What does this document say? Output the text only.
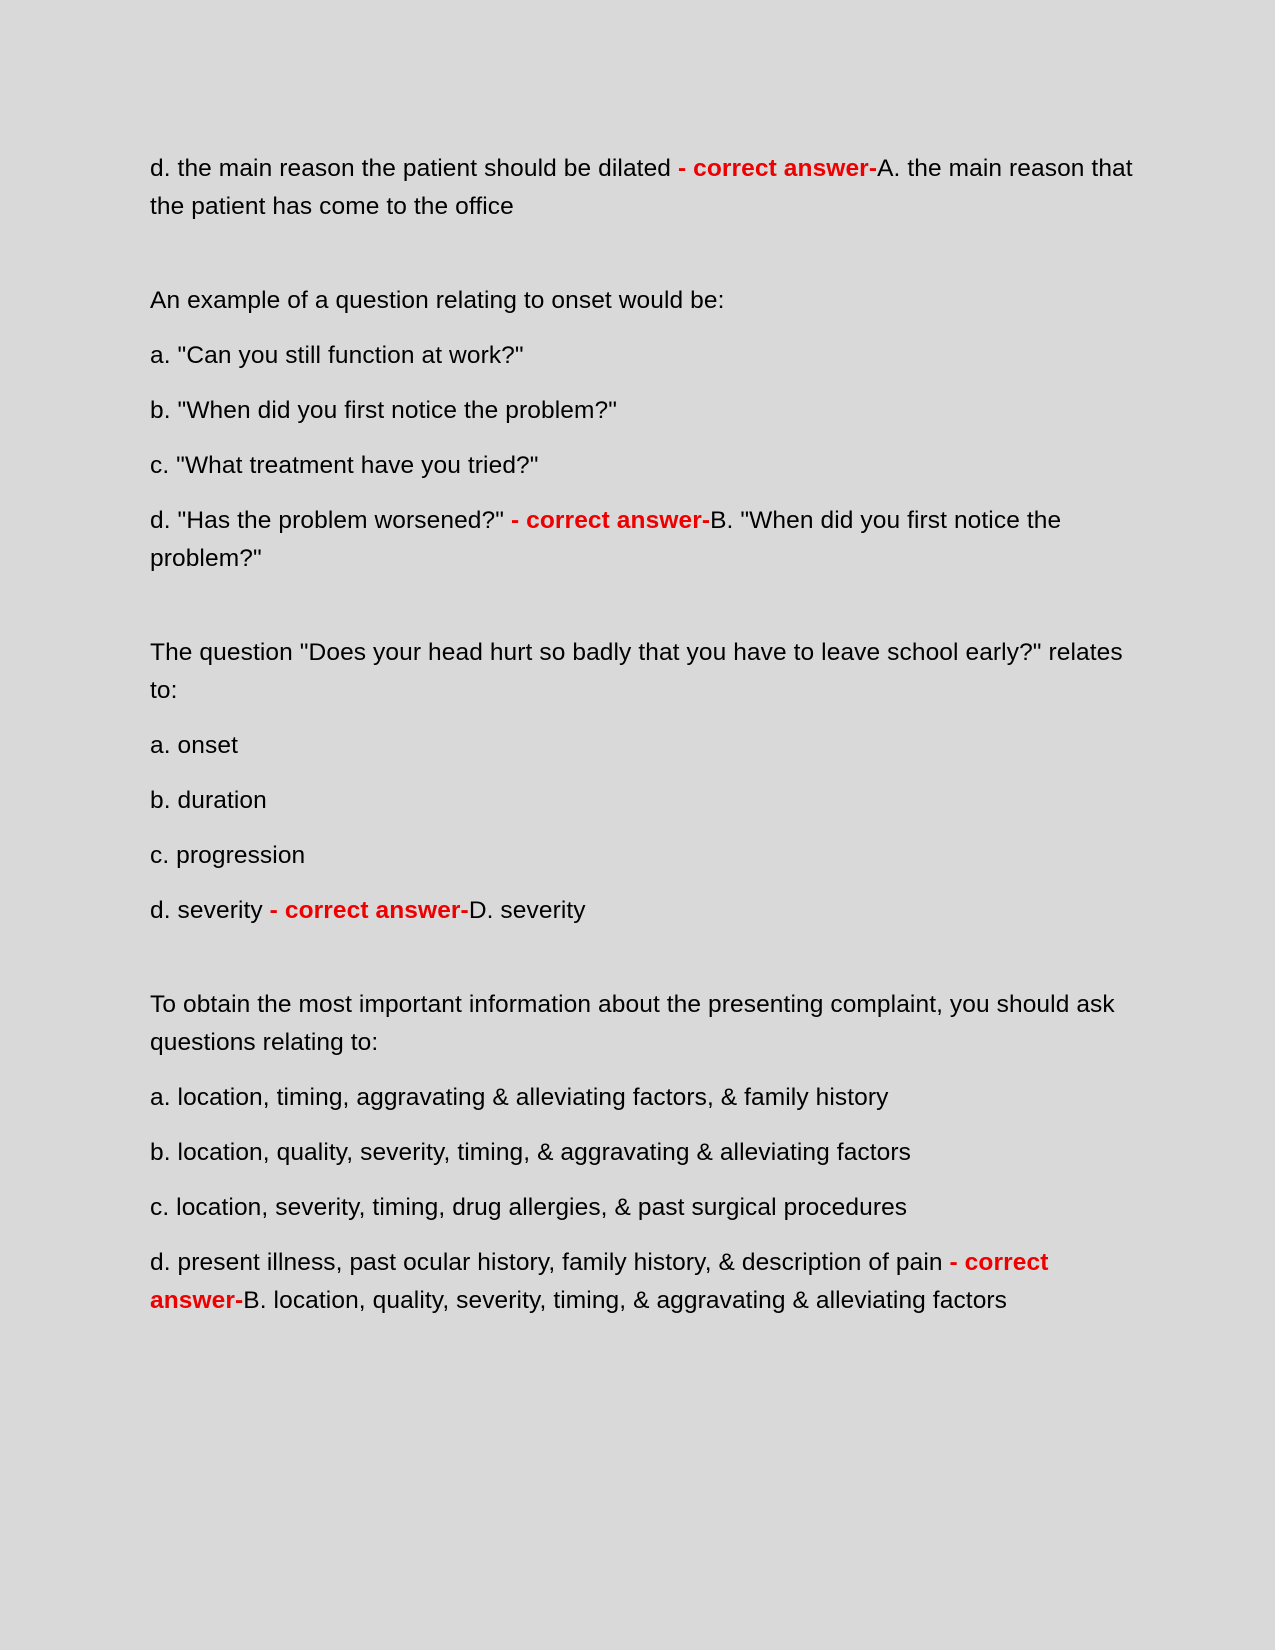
d. the main reason the patient should be dilated - correct answer-A. the main reason that the patient has come to the office

An example of a question relating to onset would be:

a. "Can you still function at work?"

b. "When did you first notice the problem?"

c. "What treatment have you tried?"

d. "Has the problem worsened?" - correct answer-B. "When did you first notice the problem?"

The question "Does your head hurt so badly that you have to leave school early?" relates to:

a. onset

b. duration

c. progression

d. severity - correct answer-D. severity

To obtain the most important information about the presenting complaint, you should ask questions relating to:

a. location, timing, aggravating & alleviating factors, & family history

b. location, quality, severity, timing, & aggravating & alleviating factors

c. location, severity, timing, drug allergies, & past surgical procedures

d. present illness, past ocular history, family history, & description of pain - correct answer-B. location, quality, severity, timing, & aggravating & alleviating factors
